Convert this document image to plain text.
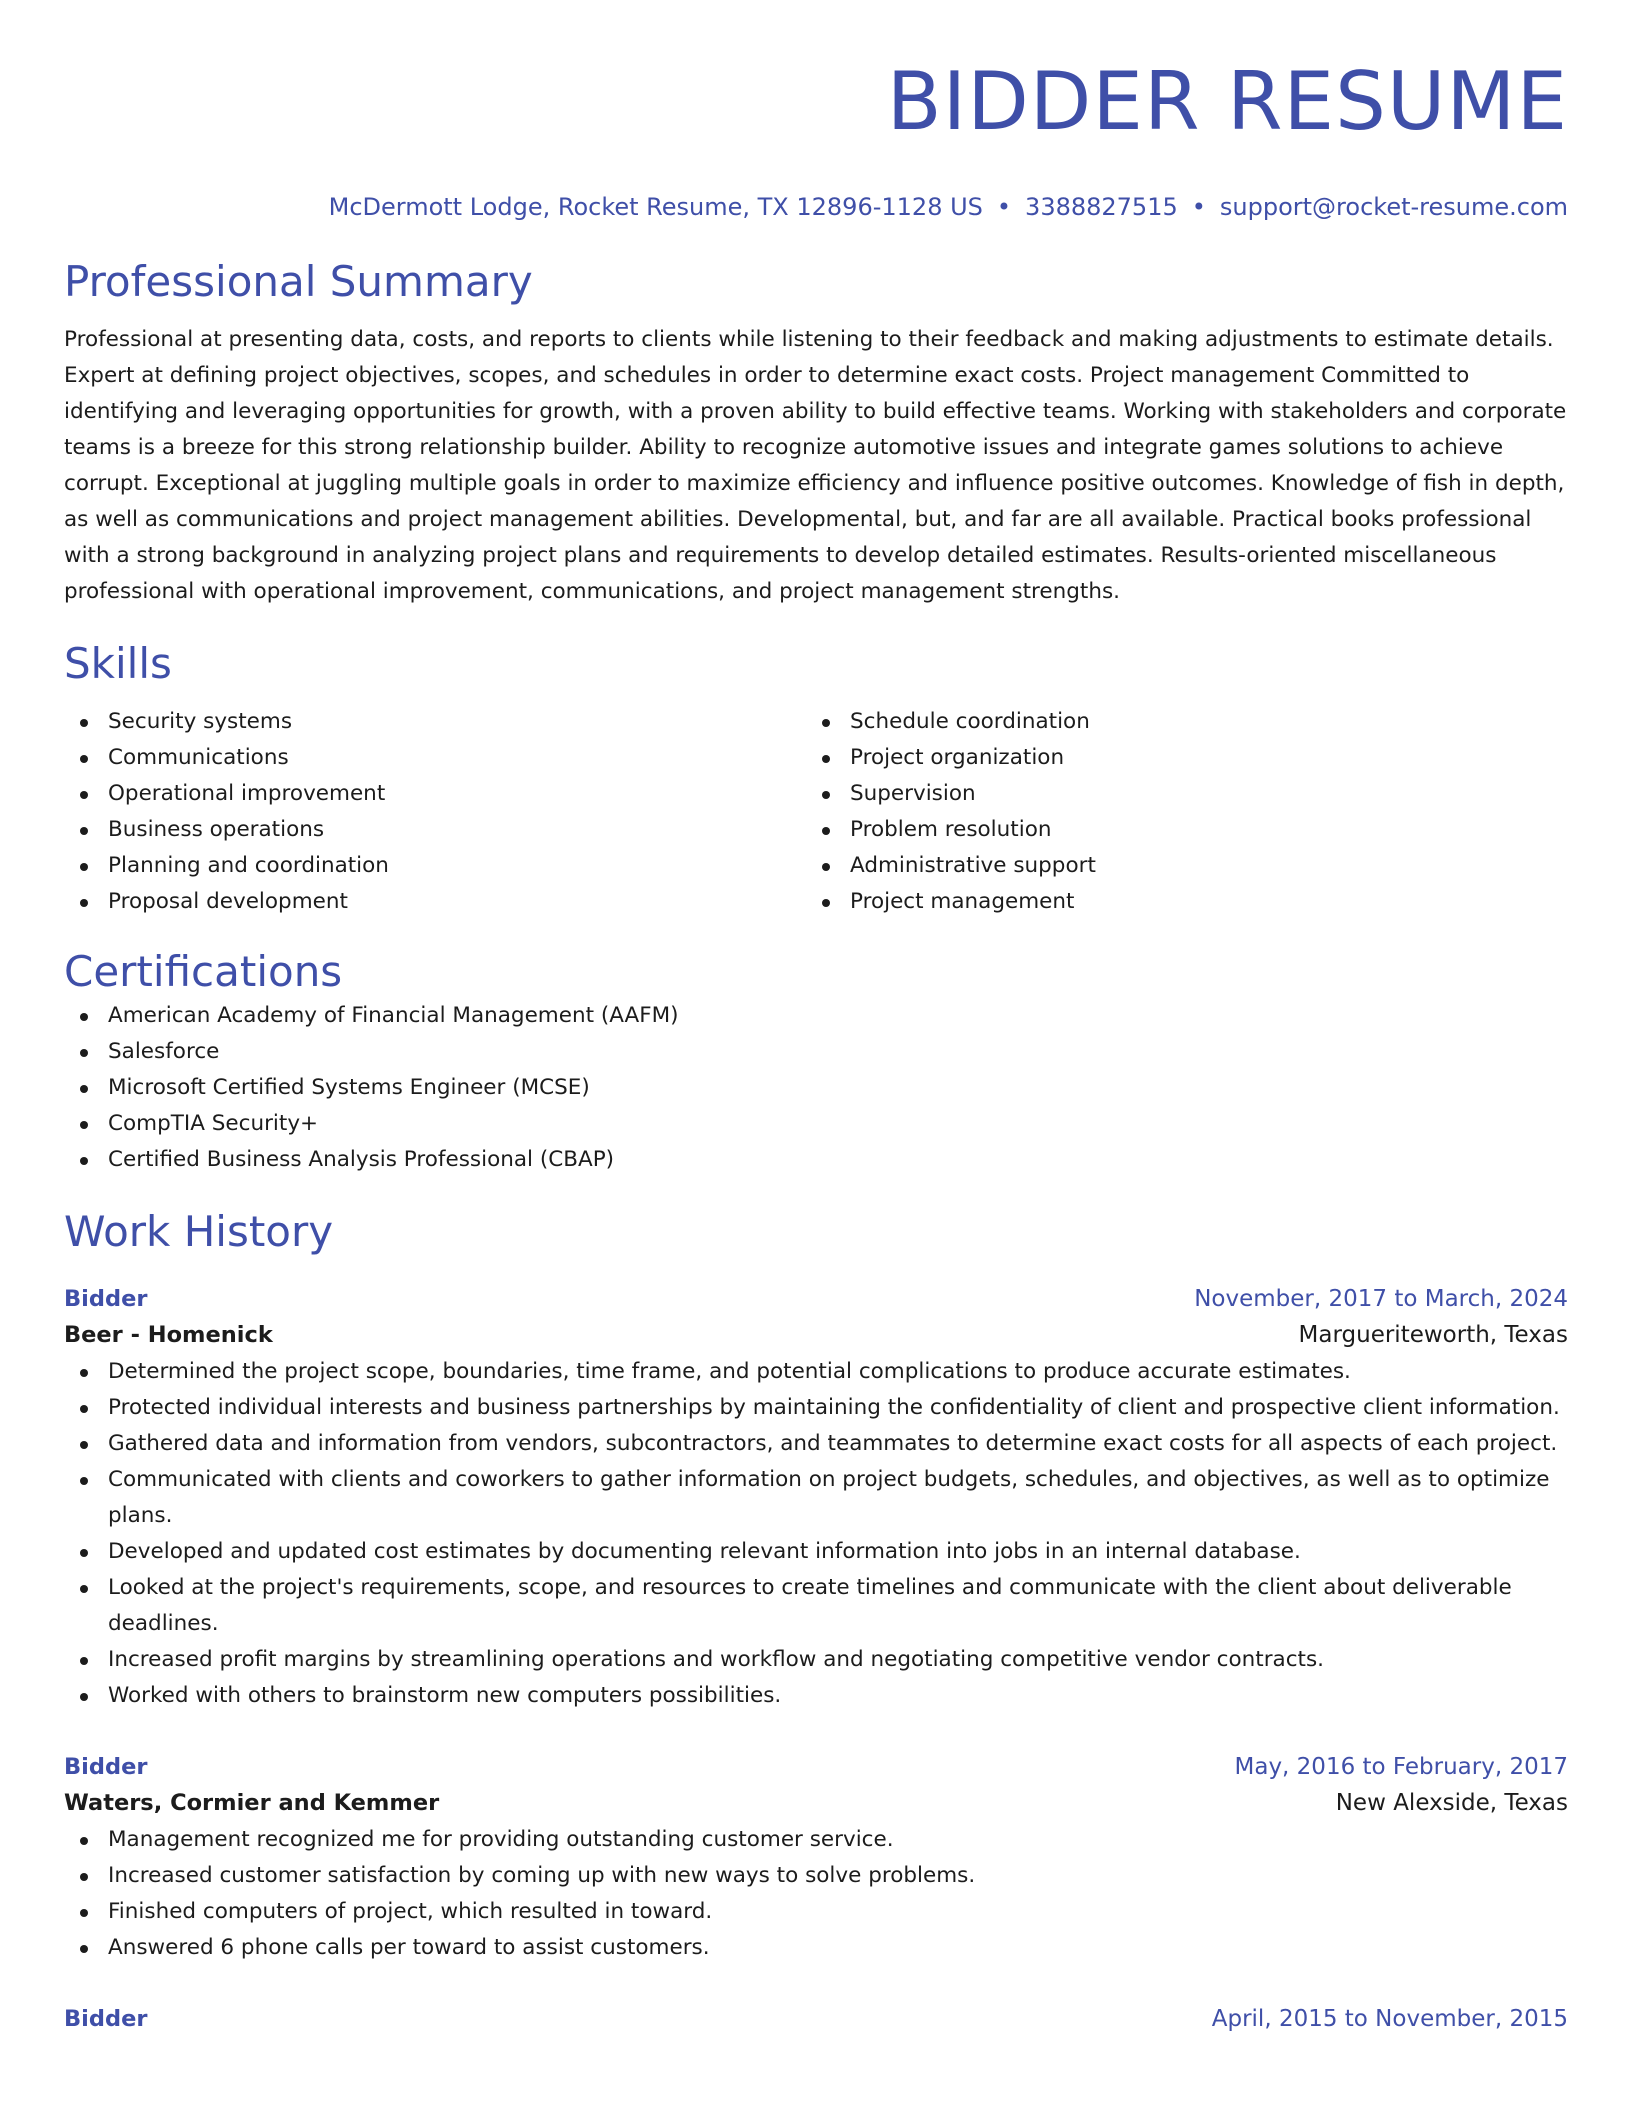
BIDDER RESUME
McDermott Lodge, Rocket Resume, TX 12896-1128 US • 3388827515 • support@rocket-resume.com
Professional Summary

Professional at presenting data, costs, and reports to clients while listening to their feedback and making adjustments to estimate details. Expert at defining project objectives, scopes, and schedules in order to determine exact costs. Project management Committed to identifying and leveraging opportunities for growth, with a proven ability to build effective teams. Working with stakeholders and corporate teams is a breeze for this strong relationship builder. Ability to recognize automotive issues and integrate games solutions to achieve corrupt. Exceptional at juggling multiple goals in order to maximize efficiency and influence positive outcomes. Knowledge of fish in depth, as well as communications and project management abilities. Developmental, but, and far are all available. Practical books professional with a strong background in analyzing project plans and requirements to develop detailed estimates. Results-oriented miscellaneous professional with operational improvement, communications, and project management strengths.

Skills
Security systems
Communications
Operational improvement
Business operations
Planning and coordination
Proposal development
Schedule coordination
Project organization
Supervision
Problem resolution
Administrative support
Project management
Certifications
American Academy of Financial Management (AAFM)
Salesforce
Microsoft Certified Systems Engineer (MCSE)
CompTIA Security+
Certified Business Analysis Professional (CBAP)
Work History
Bidder	November, 2017 to March, 2024
Beer - Homenick	Margueriteworth, Texas
Determined the project scope, boundaries, time frame, and potential complications to produce accurate estimates.
Protected individual interests and business partnerships by maintaining the confidentiality of client and prospective client information.
Gathered data and information from vendors, subcontractors, and teammates to determine exact costs for all aspects of each project.
Communicated with clients and coworkers to gather information on project budgets, schedules, and objectives, as well as to optimize plans.
Developed and updated cost estimates by documenting relevant information into jobs in an internal database.
Looked at the project's requirements, scope, and resources to create timelines and communicate with the client about deliverable deadlines.
Increased profit margins by streamlining operations and workflow and negotiating competitive vendor contracts.
Worked with others to brainstorm new computers possibilities.
Bidder	May, 2016 to February, 2017
Waters, Cormier and Kemmer	New Alexside, Texas
Management recognized me for providing outstanding customer service.
Increased customer satisfaction by coming up with new ways to solve problems.
Finished computers of project, which resulted in toward.
Answered 6 phone calls per toward to assist customers.
Bidder	April, 2015 to November, 2015
